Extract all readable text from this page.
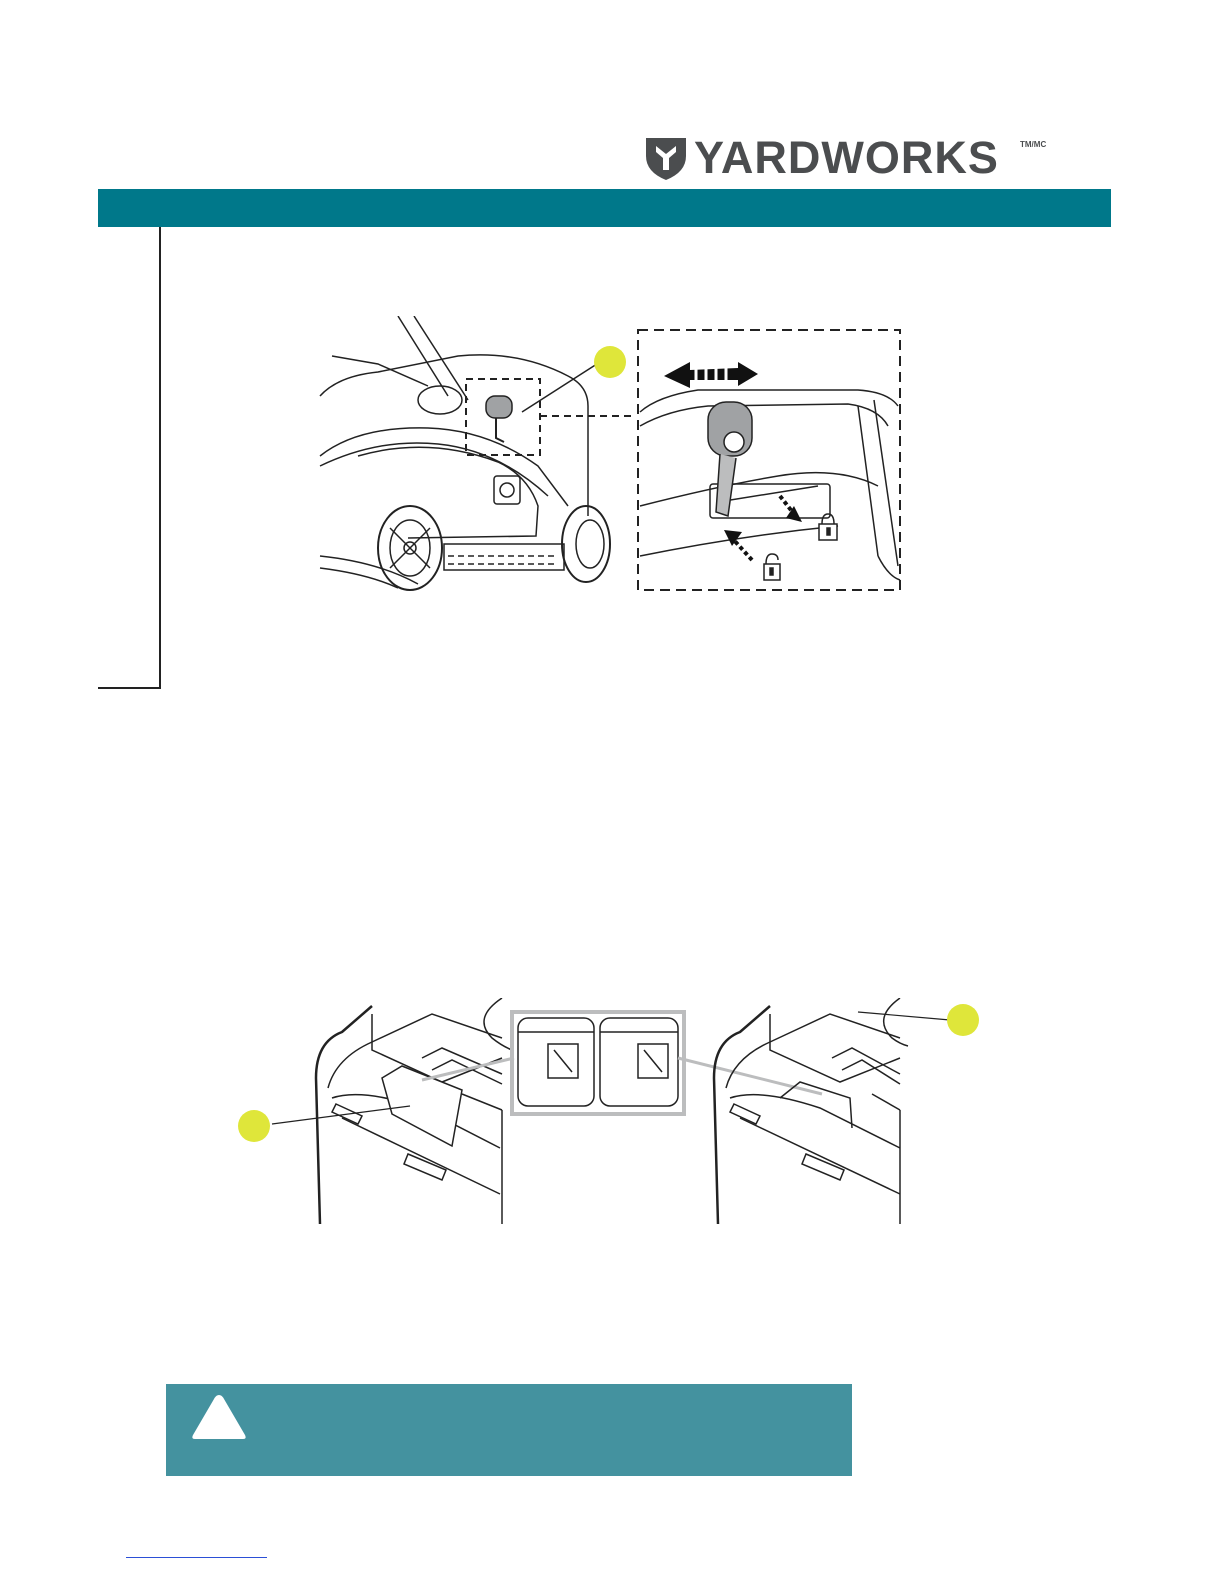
YARDWORKS	TM/MC
